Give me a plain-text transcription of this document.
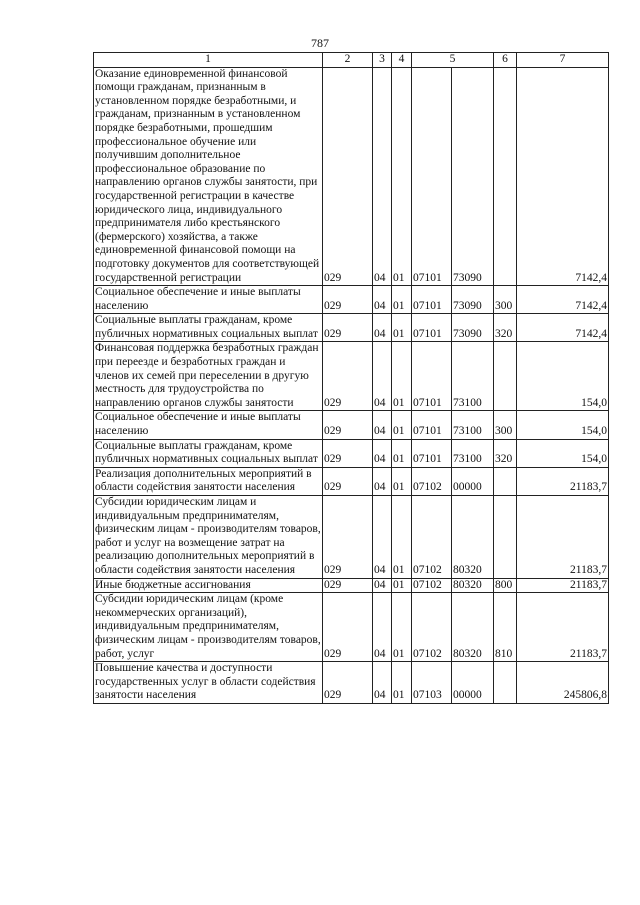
787
1	2	3	4	5		6	7
Оказание единовременной финансовой помощи гражданам, признанным в установленном порядке безработными, и гражданам, признанным в установленном порядке безработными, прошедшим профессиональное обучение или получившим дополнительное профессиональное образование по направлению органов службы занятости, при государственной регистрации в качестве юридического лица, индивидуального предпринимателя либо крестьянского (фермерского) хозяйства, а также единовременной финансовой помощи на подготовку документов для соответствующей государственной регистрации	029	04	01	07101	73090		7142,4
Социальное обеспечение и иные выплаты населению	029	04	01	07101	73090	300	7142,4
Социальные выплаты гражданам, кроме публичных нормативных социальных выплат	029	04	01	07101	73090	320	7142,4
Финансовая поддержка безработных граждан при переезде и безработных граждан и членов их семей при переселении в другую местность для трудоустройства по направлению органов службы занятости	029	04	01	07101	73100		154,0
Социальное обеспечение и иные выплаты населению	029	04	01	07101	73100	300	154,0
Социальные выплаты гражданам, кроме публичных нормативных социальных выплат	029	04	01	07101	73100	320	154,0
Реализация дополнительных мероприятий в области содействия занятости населения	029	04	01	07102	00000		21183,7
Субсидии юридическим лицам и индивидуальным предпринимателям, физическим лицам - производителям товаров, работ и услуг на возмещение затрат на реализацию дополнительных мероприятий в области содействия занятости населения	029	04	01	07102	80320		21183,7
Иные бюджетные ассигнования	029	04	01	07102	80320	800	21183,7
Субсидии юридическим лицам (кроме некоммерческих организаций), индивидуальным предпринимателям, физическим лицам - производителям товаров, работ, услуг	029	04	01	07102	80320	810	21183,7
Повышение качества и доступности государственных услуг в области содействия занятости населения	029	04	01	07103	00000		245806,8
